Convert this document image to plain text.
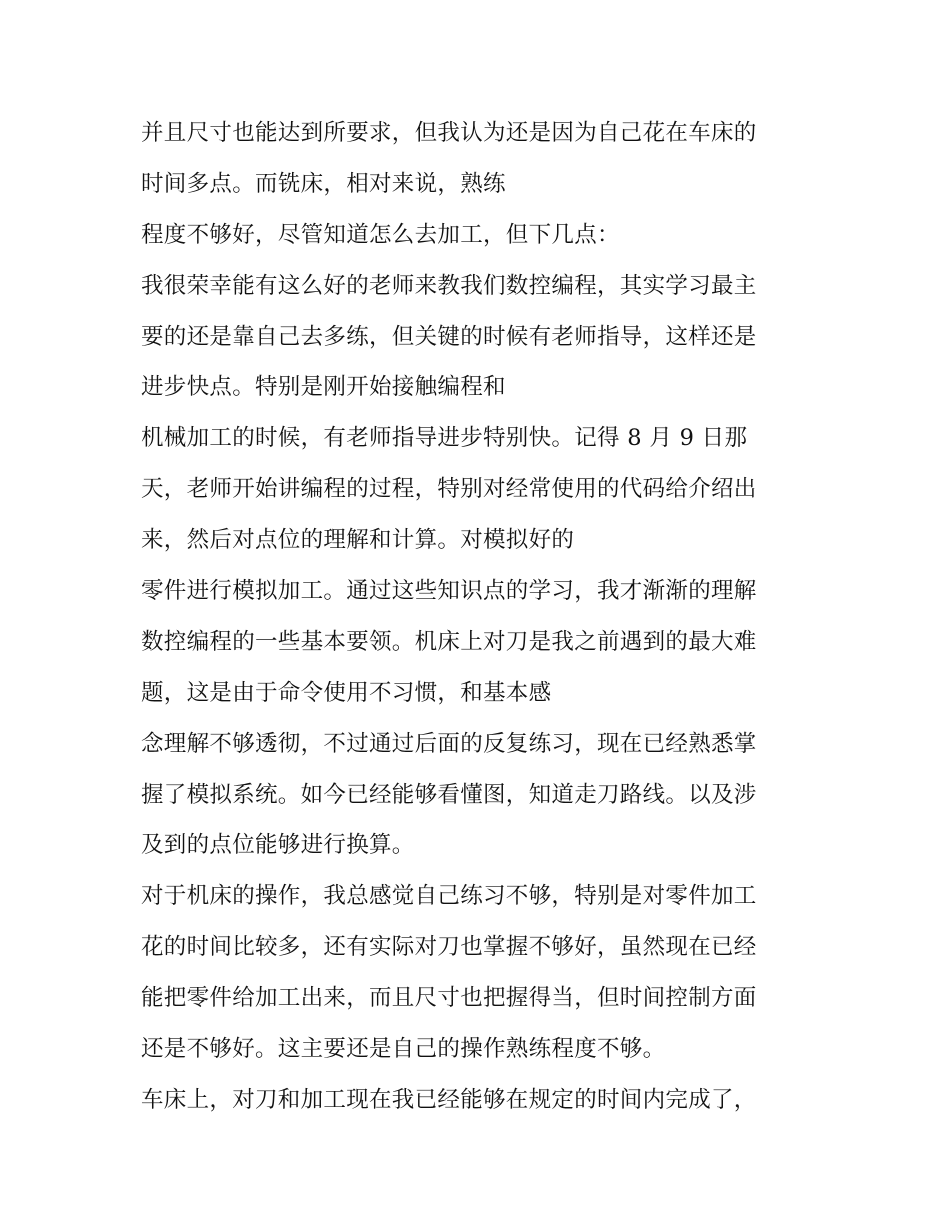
并且尺寸也能达到所要求，但我认为还是因为自己花在车床的
时间多点。而铣床，相对来说，熟练
程度不够好，尽管知道怎么去加工，但下几点：
我很荣幸能有这么好的老师来教我们数控编程，其实学习最主
要的还是靠自己去多练，但关键的时候有老师指导，这样还是
进步快点。特别是刚开始接触编程和
机械加工的时候，有老师指导进步特别快。记得 8 月 9 日那
天，老师开始讲编程的过程，特别对经常使用的代码给介绍出
来，然后对点位的理解和计算。对模拟好的
零件进行模拟加工。通过这些知识点的学习，我才渐渐的理解
数控编程的一些基本要领。机床上对刀是我之前遇到的最大难
题，这是由于命令使用不习惯，和基本感
念理解不够透彻，不过通过后面的反复练习，现在已经熟悉掌
握了模拟系统。如今已经能够看懂图，知道走刀路线。以及涉
及到的点位能够进行换算。
对于机床的操作，我总感觉自己练习不够，特别是对零件加工
花的时间比较多，还有实际对刀也掌握不够好，虽然现在已经
能把零件给加工出来，而且尺寸也把握得当，但时间控制方面
还是不够好。这主要还是自己的操作熟练程度不够。
车床上，对刀和加工现在我已经能够在规定的时间内完成了，
